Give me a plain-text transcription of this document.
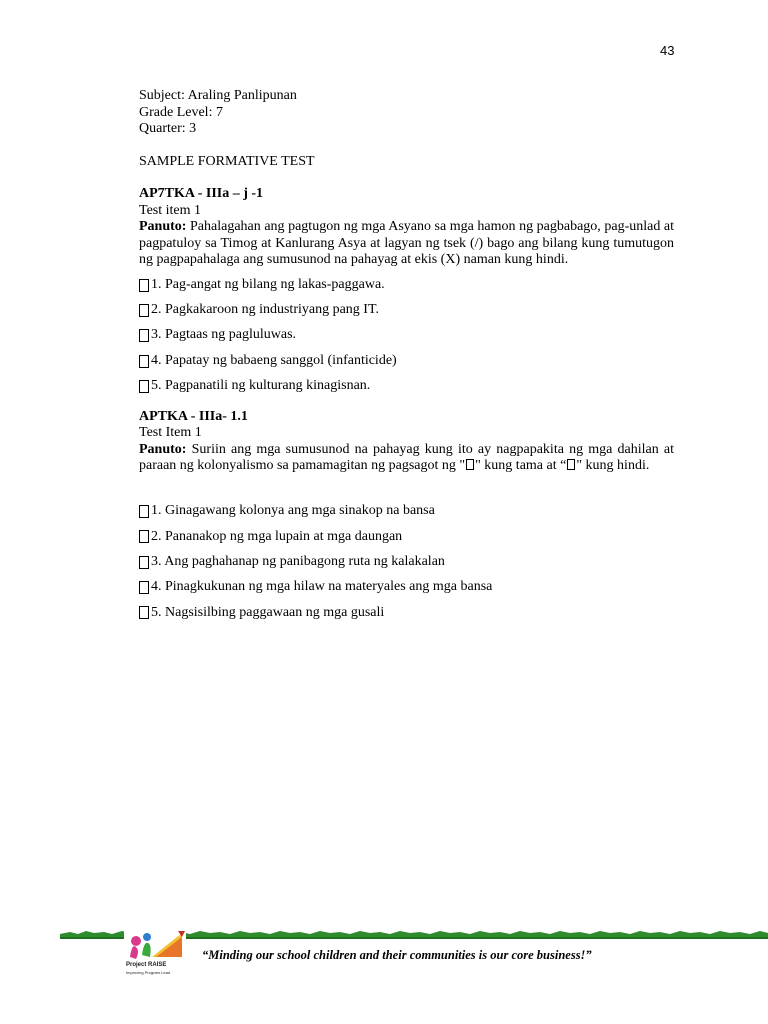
43

Subject: Araling Panlipunan

Grade Level: 7

Quarter: 3

SAMPLE FORMATIVE TEST

AP7TKA - IIIa – j -1

Test item 1

Panuto: Pahalagahan ang pagtugon ng mga Asyano sa mga hamon ng pagbabago, pag-unlad at pagpatuloy sa Timog at Kanlurang Asya at lagyan ng tsek (/) bago ang bilang kung tumutugon ng pagpapahalaga ang sumusunod na pahayag at ekis (X) naman kung hindi.

1. Pag-angat ng bilang ng lakas-paggawa.

2. Pagkakaroon ng industriyang pang IT.

3. Pagtaas ng pagluluwas.

4. Papatay ng babaeng sanggol (infanticide)

5. Pagpanatili ng kulturang kinagisnan.

APTKA - IIIa- 1.1

Test Item 1

Panuto: Suriin ang mga sumusunod na pahayag kung ito ay nagpapakita ng mga dahilan at paraan ng kolonyalismo sa pamamagitan ng pagsagot ng " " kung tama at “ " kung hindi.

1. Ginagawang kolonya ang mga sinakop na bansa

2. Pananakop ng mga lupain at mga daungan

3. Ang paghahanap ng panibagong ruta ng kalakalan

4. Pinagkukunan ng mga hilaw na materyales ang mga bansa

5. Nagsisilbing paggawaan ng mga gusali

Project RAISE
Improving Program Lead
“Minding our school children and their communities is our core business!”
